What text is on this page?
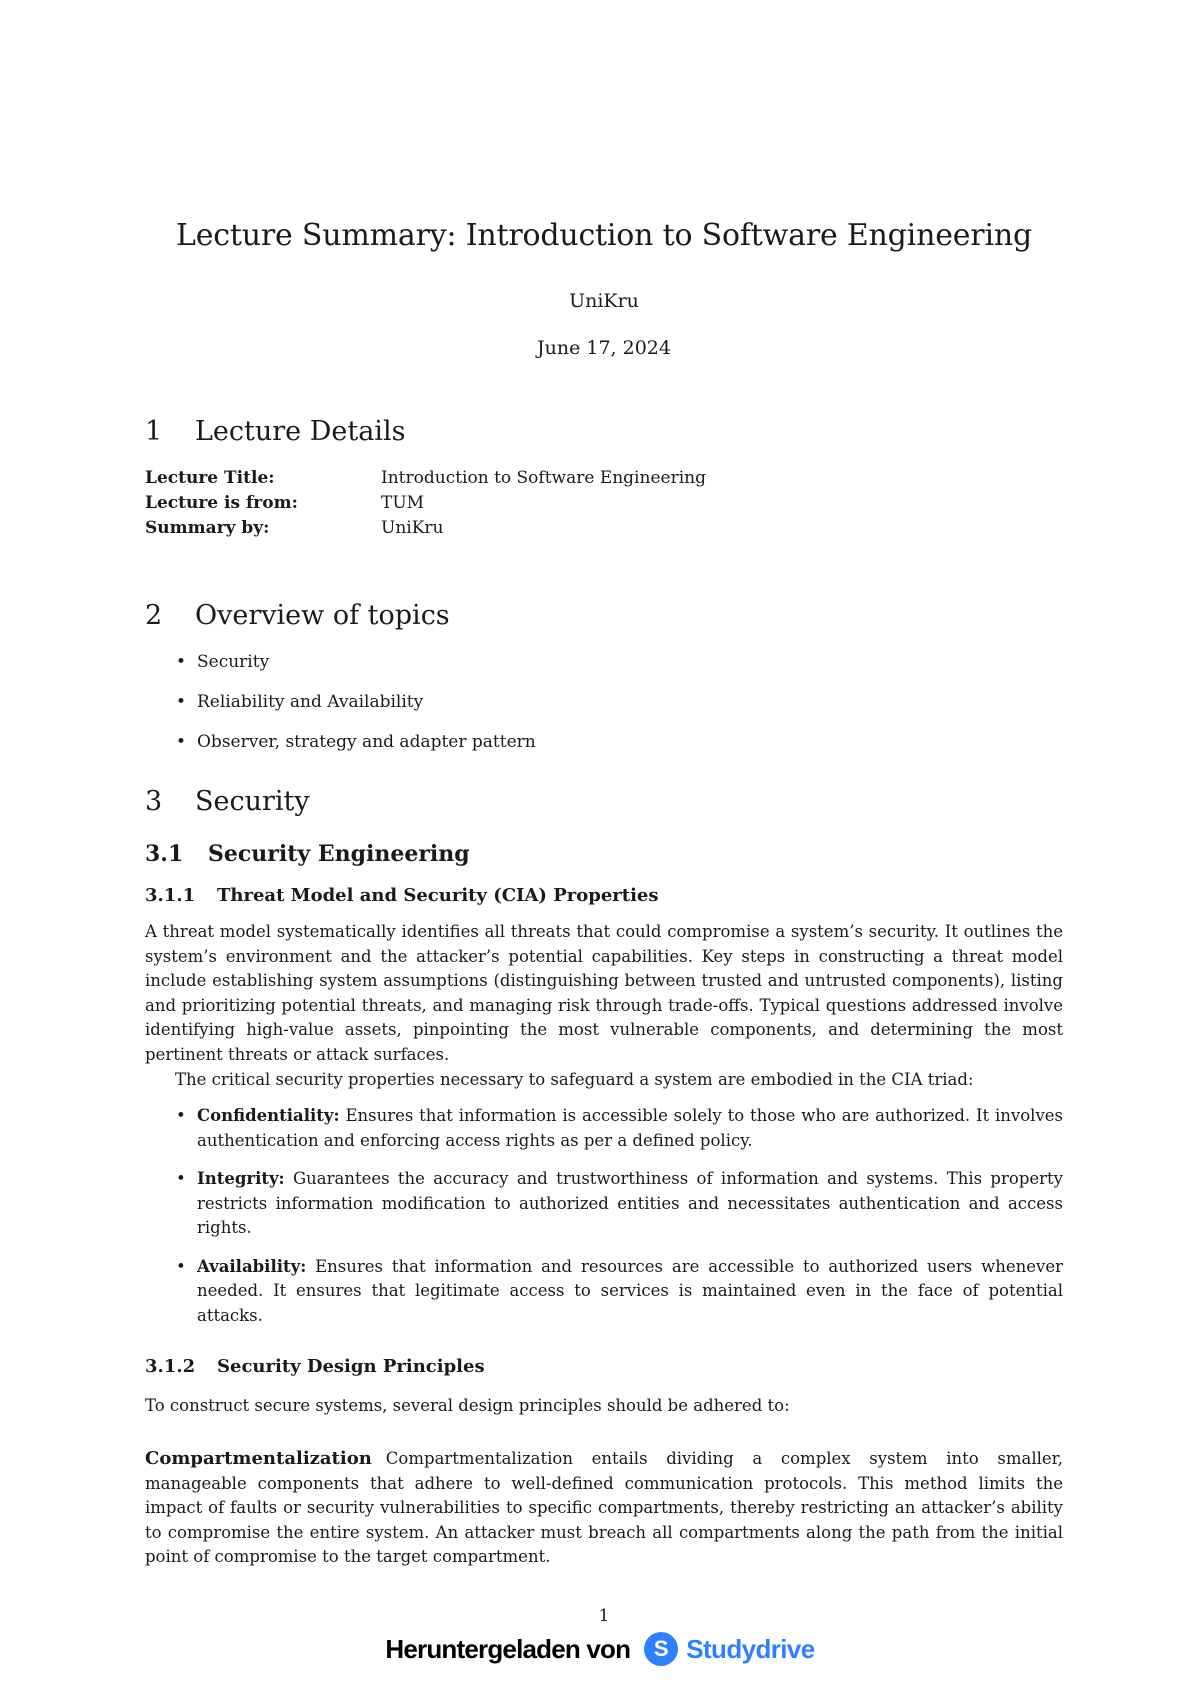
Lecture Summary: Introduction to Software Engineering
UniKru
June 17, 2024
1 Lecture Details
Lecture Title:	Introduction to Software Engineering
Lecture is from:	TUM
Summary by:	UniKru
2 Overview of topics
• Security
• Reliability and Availability
• Observer, strategy and adapter pattern
3 Security
3.1 Security Engineering
3.1.1 Threat Model and Security (CIA) Properties

A threat model systematically identifies all threats that could compromise a system’s security. It outlines the system’s environment and the attacker’s potential capabilities. Key steps in constructing a threat model include establishing system assumptions (distinguishing between trusted and untrusted components), listing and prioritizing potential threats, and managing risk through trade-offs. Typical questions addressed involve identifying high-value assets, pinpointing the most vulnerable components, and determining the most pertinent threats or attack surfaces.

The critical security properties necessary to safeguard a system are embodied in the CIA triad:

• Confidentiality: Ensures that information is accessible solely to those who are authorized. It involves authentication and enforcing access rights as per a defined policy.
• Integrity: Guarantees the accuracy and trustworthiness of information and systems. This property restricts information modification to authorized entities and necessitates authentication and access rights.
• Availability: Ensures that information and resources are accessible to authorized users whenever needed. It ensures that legitimate access to services is maintained even in the face of potential attacks.
3.1.2 Security Design Principles

To construct secure systems, several design principles should be adhered to:

Compartmentalization Compartmentalization entails dividing a complex system into smaller, manageable components that adhere to well-defined communication protocols. This method limits the impact of faults or security vulnerabilities to specific compartments, thereby restricting an attacker’s ability to compromise the entire system. An attacker must breach all compartments along the path from the initial point of compromise to the target compartment.

1
Heruntergeladen von	S Studydrive
